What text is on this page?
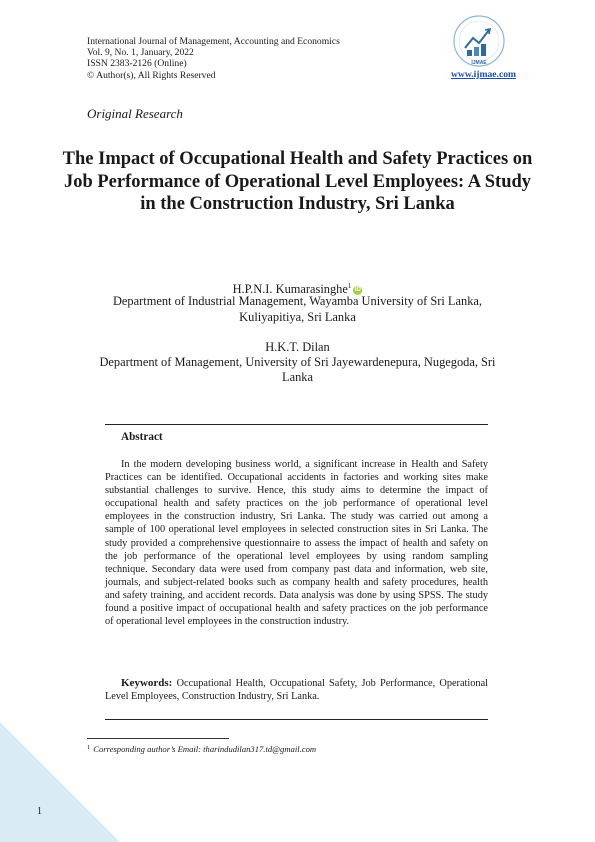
International Journal of Management, Accounting and Economics
Vol. 9, No. 1, January, 2022
ISSN 2383-2126 (Online)
© Author(s), All Rights Reserved	www.ijmae.com
IJMAE
Original Research
The Impact of Occupational Health and Safety Practices on Job Performance of Operational Level Employees: A Study in the Construction Industry, Sri Lanka
H.P.N.I. Kumarasinghe$^1$iD
Department of Industrial Management, Wayamba University of Sri Lanka,
Kuliyapitiya, Sri Lanka
H.K.T. Dilan
Department of Management, University of Sri Jayewardenepura, Nugegoda, Sri
Lanka
Abstract
In the modern developing business world, a significant increase in Health and Safety Practices can be identified. Occupational accidents in factories and working sites make substantial challenges to survive. Hence, this study aims to determine the impact of occupational health and safety practices on the job performance of operational level employees in the construction industry, Sri Lanka. The study was carried out among a sample of 100 operational level employees in selected construction sites in Sri Lanka. The study provided a comprehensive questionnaire to assess the impact of health and safety on the job performance of the operational level employees by using random sampling technique. Secondary data were used from company past data and information, web site, journals, and subject-related books such as company health and safety procedures, health and safety training, and accident records. Data analysis was done by using SPSS. The study found a positive impact of occupational health and safety practices on the job performance of operational level employees in the construction industry.
Keywords: Occupational Health, Occupational Safety, Job Performance, Operational Level Employees, Construction Industry, Sri Lanka.
$^1$ Corresponding author’s Email: tharindudilan317.td@gmail.com
1
